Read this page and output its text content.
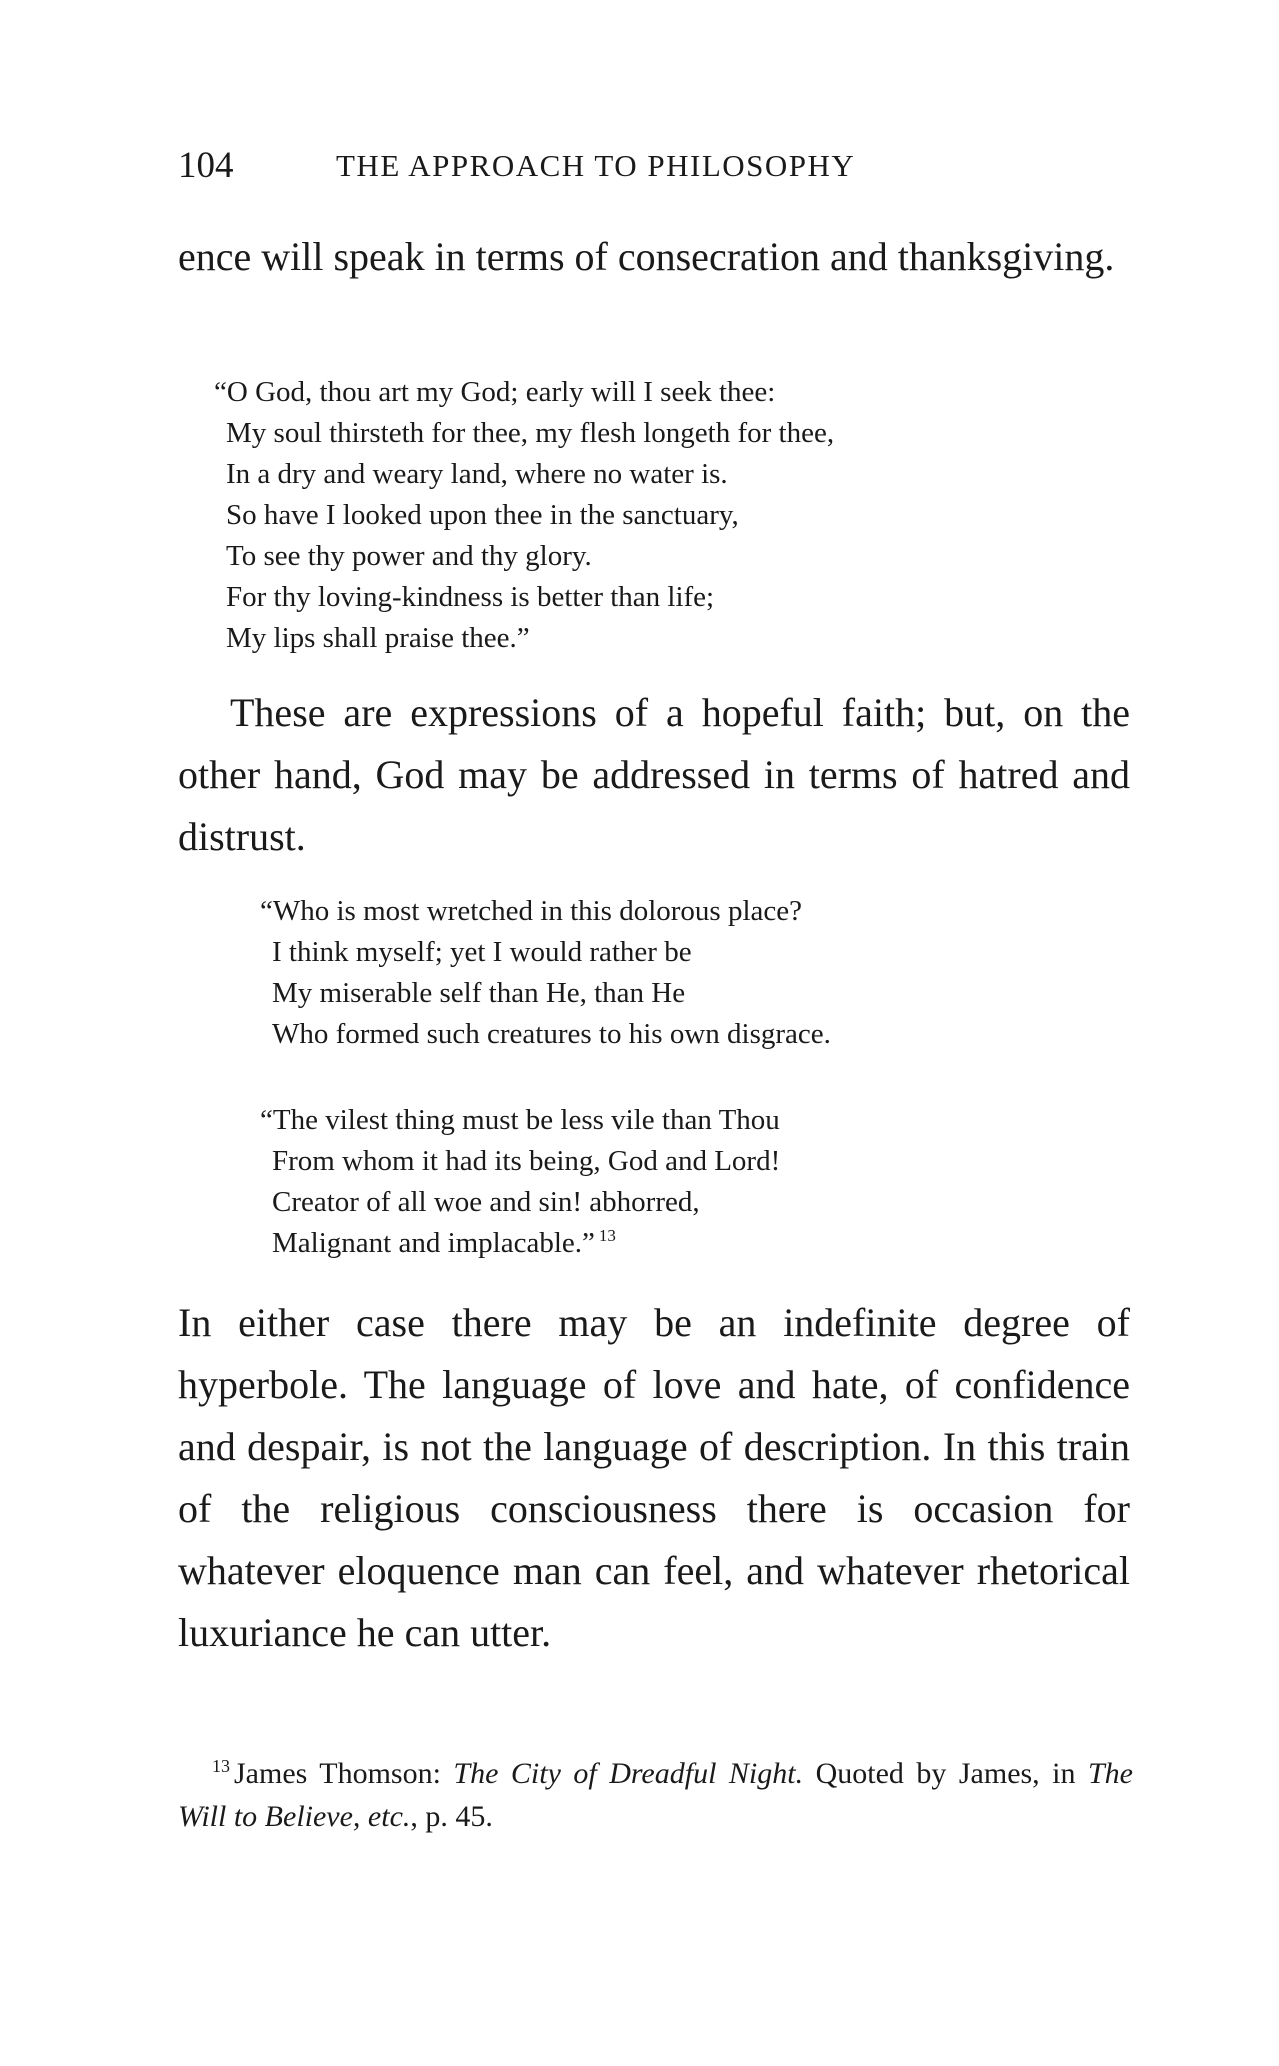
104	THE APPROACH TO PHILOSOPHY

ence will speak in terms of consecration and thanksgiving.

“O God, thou art my God; early will I seek thee:
My soul thirsteth for thee, my flesh longeth for thee,
In a dry and weary land, where no water is.
So have I looked upon thee in the sanctuary,
To see thy power and thy glory.
For thy loving-kindness is better than life;
My lips shall praise thee.”

These are expressions of a hopeful faith; but, on the other hand, God may be addressed in terms of hatred and distrust.

“Who is most wretched in this dolorous place?
I think myself; yet I would rather be
My miserable self than He, than He
Who formed such creatures to his own disgrace.
“The vilest thing must be less vile than Thou
From whom it had its being, God and Lord!
Creator of all woe and sin! abhorred,
Malignant and implacable.” $^{13}$

In either case there may be an indefinite degree of hyperbole. The language of love and hate, of confidence and despair, is not the language of description. In this train of the religious consciousness there is occasion for whatever eloquence man can feel, and whatever rhetorical luxuriance he can utter.

$^{13}$ James Thomson: The City of Dreadful Night. Quoted by James, in The Will to Believe, etc., p. 45.
